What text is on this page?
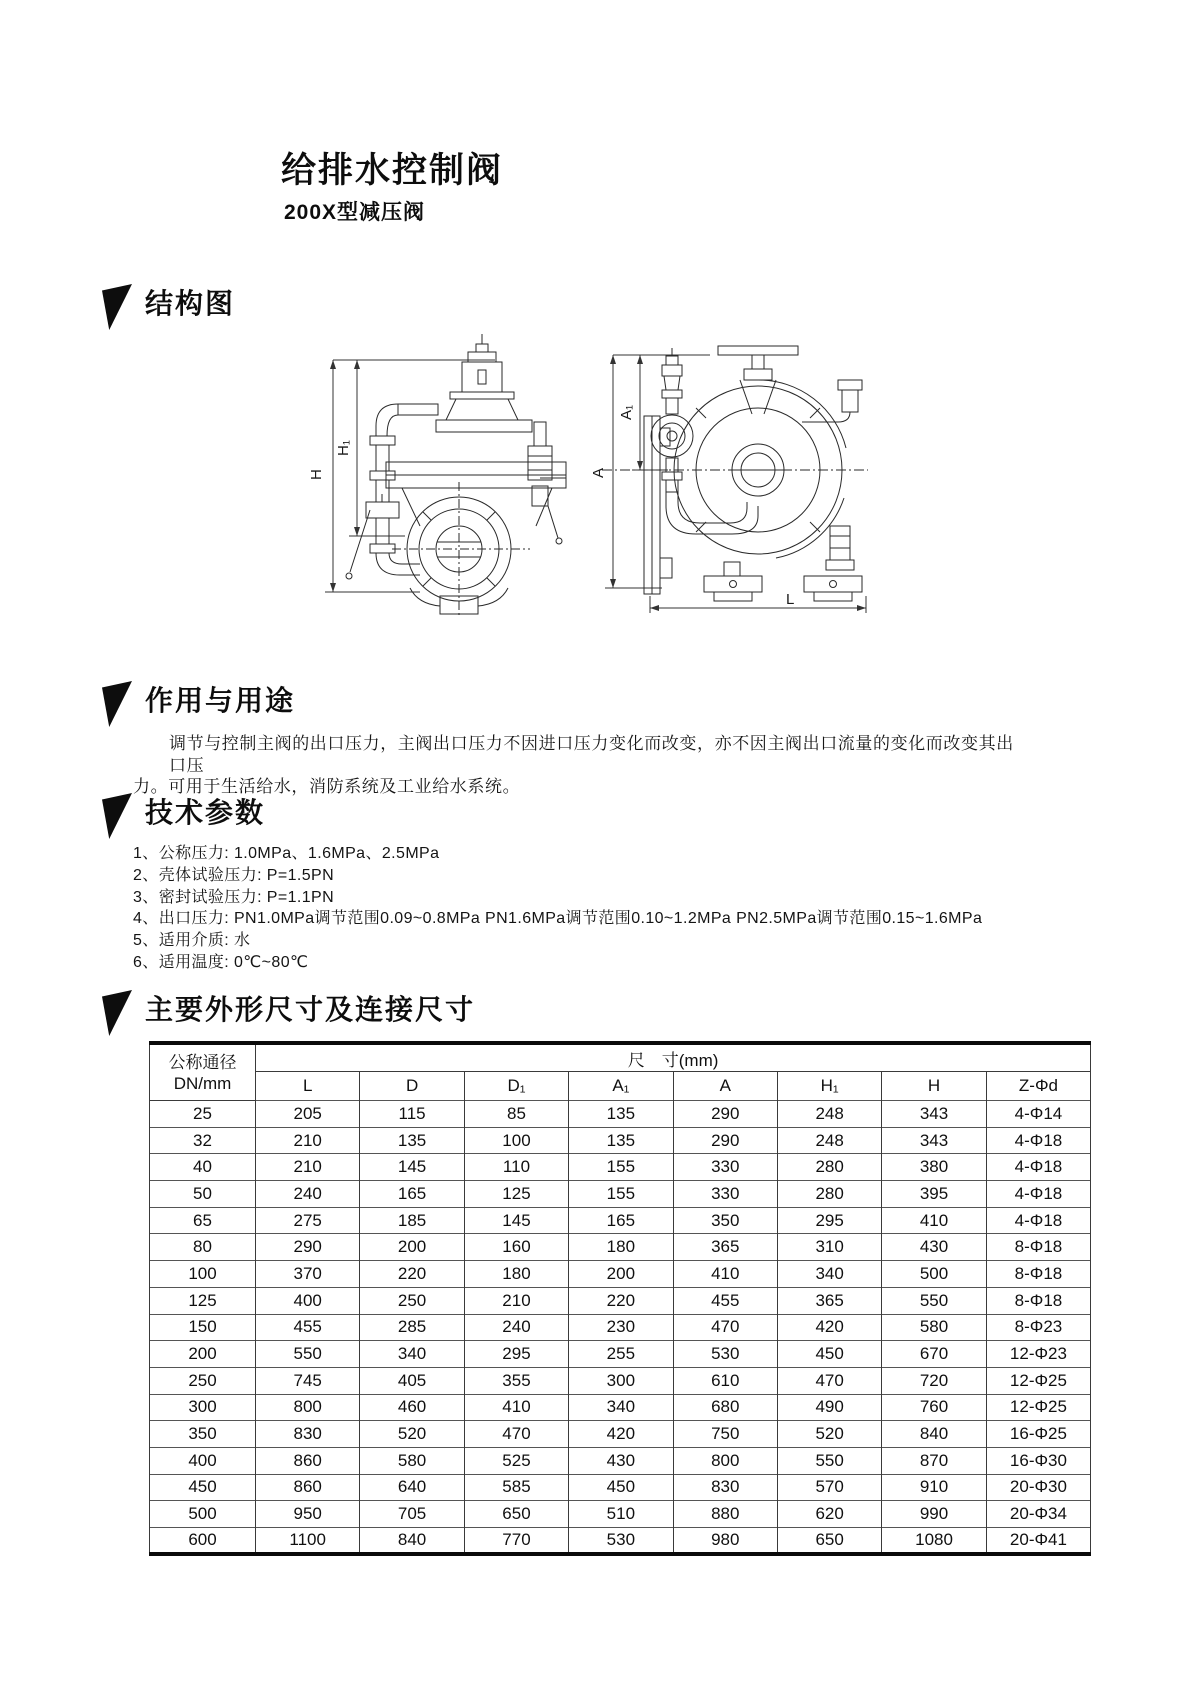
给排水控制阀
200X型减压阀
结构图
H
H₁
A
A₁
L
作用与用途
调节与控制主阀的出口压力，主阀出口压力不因进口压力变化而改变，亦不因主阀出口流量的变化而改变其出口压
力。可用于生活给水，消防系统及工业给水系统。
技术参数
1、公称压力: 1.0MPa、1.6MPa、2.5MPa
2、壳体试验压力: P=1.5PN
3、密封试验压力: P=1.1PN
4、出口压力: PN1.0MPa调节范围0.09~0.8MPa PN1.6MPa调节范围0.10~1.2MPa PN2.5MPa调节范围0.15~1.6MPa
5、适用介质: 水
6、适用温度: 0℃~80℃
主要外形尺寸及连接尺寸
公称通径
DN/mm	尺　寸(mm)							
	L	D	D₁	A₁	A	H₁	H	Z-Φd
25	205	115	85	135	290	248	343	4-Φ14
32	210	135	100	135	290	248	343	4-Φ18
40	210	145	110	155	330	280	380	4-Φ18
50	240	165	125	155	330	280	395	4-Φ18
65	275	185	145	165	350	295	410	4-Φ18
80	290	200	160	180	365	310	430	8-Φ18
100	370	220	180	200	410	340	500	8-Φ18
125	400	250	210	220	455	365	550	8-Φ18
150	455	285	240	230	470	420	580	8-Φ23
200	550	340	295	255	530	450	670	12-Φ23
250	745	405	355	300	610	470	720	12-Φ25
300	800	460	410	340	680	490	760	12-Φ25
350	830	520	470	420	750	520	840	16-Φ25
400	860	580	525	430	800	550	870	16-Φ30
450	860	640	585	450	830	570	910	20-Φ30
500	950	705	650	510	880	620	990	20-Φ34
600	1100	840	770	530	980	650	1080	20-Φ41
